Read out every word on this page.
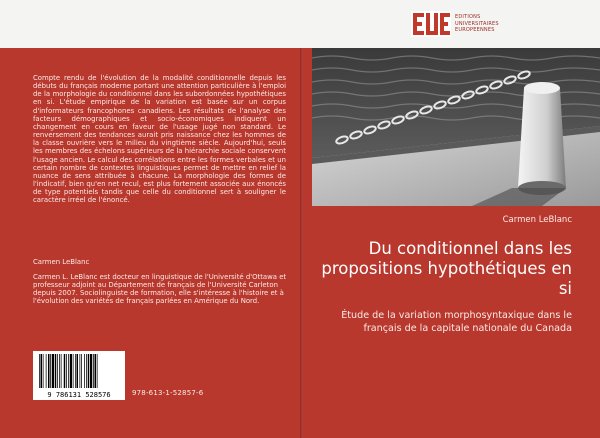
EDITIONS
UNIVERSITAIRES
EUROPEENNES
Compte rendu de l'évolution de la modalité conditionnelle depuis les débuts du français moderne portant une attention particulière à l'emploi de la morphologie du conditionnel dans les subordonnées hypothétiques en si. L'étude empirique de la variation est basée sur un corpus d'informateurs francophones canadiens. Les résultats de l'analyse des facteurs démographiques et socio-économiques indiquent un changement en cours en faveur de l'usage jugé non standard. Le renversement des tendances aurait pris naissance chez les hommes de la classe ouvrière vers le milieu du vingtième siècle. Aujourd'hui, seuls les membres des échelons supérieurs de la hiérarchie sociale conservent l'usage ancien. Le calcul des corrélations entre les formes verbales et un certain nombre de contextes linguistiques permet de mettre en relief la nuance de sens attribuée à chacune. La morphologie des formes de l'indicatif, bien qu'en net recul, est plus fortement associée aux énoncés de type potentiels tandis que celle du conditionnel sert à souligner le caractère irréel de l'énoncé.
Carmen LeBlanc
Carmen L. LeBlanc est docteur en linguistique de l'Université d'Ottawa et professeur adjoint au Département de français de l'Université Carleton depuis 2007. Sociolinguiste de formation, elle s'intéresse à l'histoire et à l'évolution des variétés de français parlées en Amérique du Nord.
9 786131 528576	978-613-1-52857-6
Carmen LeBlanc
Du conditionnel dans les propositions hypothétiques en si
Étude de la variation morphosyntaxique dans le français de la capitale nationale du Canada
